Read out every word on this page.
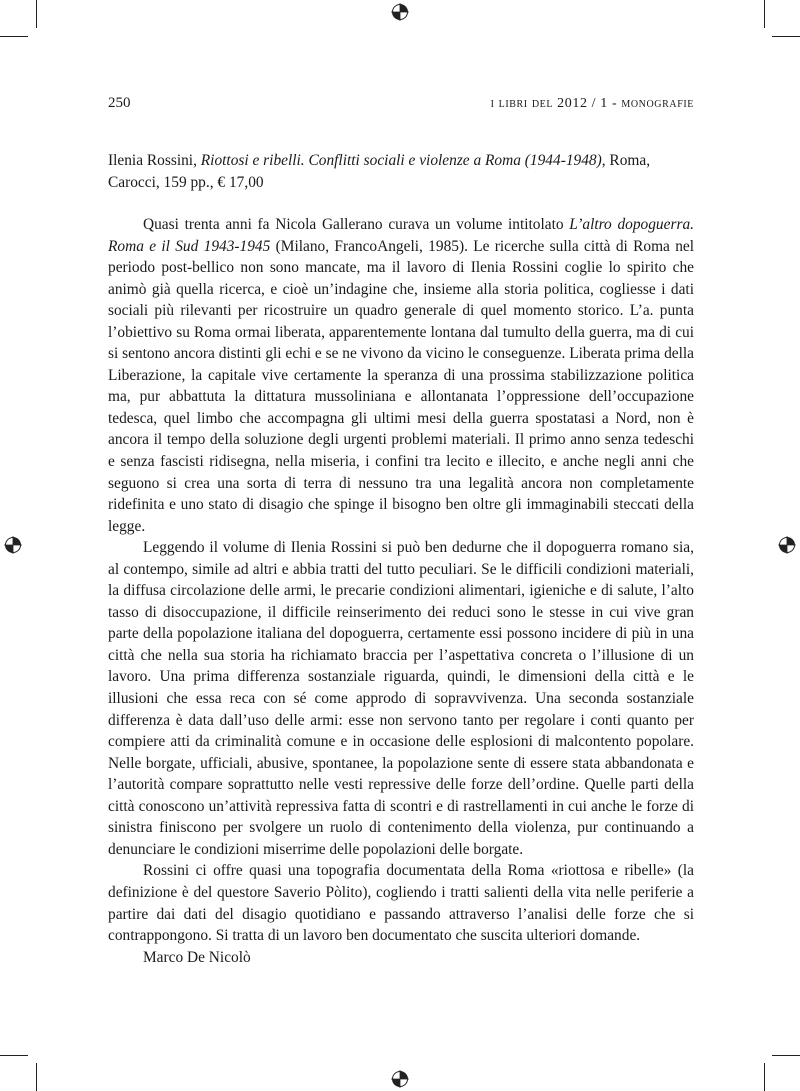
250	i libri del 2012 / 1 - monografie

Ilenia Rossini, Riottosi e ribelli. Conflitti sociali e violenze a Roma (1944-1948), Roma, Carocci, 159 pp., € 17,00

Quasi trenta anni fa Nicola Gallerano curava un volume intitolato L’altro dopoguerra. Roma e il Sud 1943-1945 (Milano, FrancoAngeli, 1985). Le ricerche sulla città di Roma nel periodo post-bellico non sono mancate, ma il lavoro di Ilenia Rossini coglie lo spirito che animò già quella ricerca, e cioè un’indagine che, insieme alla storia politica, cogliesse i dati sociali più rilevanti per ricostruire un quadro generale di quel momento storico. L’a. punta l’obiettivo su Roma ormai liberata, apparentemente lontana dal tumulto della guerra, ma di cui si sentono ancora distinti gli echi e se ne vivono da vicino le conseguenze. Liberata prima della Liberazione, la capitale vive certamente la speranza di una prossima stabilizzazione politica ma, pur abbattuta la dittatura mussoliniana e allontanata l’oppressione dell’occupazione tedesca, quel limbo che accompagna gli ultimi mesi della guerra spostatasi a Nord, non è ancora il tempo della soluzione degli urgenti problemi materiali. Il primo anno senza tedeschi e senza fascisti ridisegna, nella miseria, i confini tra lecito e illecito, e anche negli anni che seguono si crea una sorta di terra di nessuno tra una legalità ancora non completamente ridefinita e uno stato di disagio che spinge il bisogno ben oltre gli immaginabili steccati della legge.

Leggendo il volume di Ilenia Rossini si può ben dedurne che il dopoguerra romano sia, al contempo, simile ad altri e abbia tratti del tutto peculiari. Se le difficili condizioni materiali, la diffusa circolazione delle armi, le precarie condizioni alimentari, igieniche e di salute, l’alto tasso di disoccupazione, il difficile reinserimento dei reduci sono le stesse in cui vive gran parte della popolazione italiana del dopoguerra, certamente essi possono incidere di più in una città che nella sua storia ha richiamato braccia per l’aspettativa concreta o l’illusione di un lavoro. Una prima differenza sostanziale riguarda, quindi, le dimensioni della città e le illusioni che essa reca con sé come approdo di sopravvivenza. Una seconda sostanziale differenza è data dall’uso delle armi: esse non servono tanto per regolare i conti quanto per compiere atti da criminalità comune e in occasione delle esplosioni di malcontento popolare. Nelle borgate, ufficiali, abusive, spontanee, la popolazione sente di essere stata abbandonata e l’autorità compare soprattutto nelle vesti repressive delle forze dell’ordine. Quelle parti della città conoscono un’attività repressiva fatta di scontri e di rastrellamenti in cui anche le forze di sinistra finiscono per svolgere un ruolo di contenimento della violenza, pur continuando a denunciare le condizioni miserrime delle popolazioni delle borgate.

Rossini ci offre quasi una topografia documentata della Roma «riottosa e ribelle» (la definizione è del questore Saverio Pòlito), cogliendo i tratti salienti della vita nelle periferie a partire dai dati del disagio quotidiano e passando attraverso l’analisi delle forze che si contrappongono. Si tratta di un lavoro ben documentato che suscita ulteriori domande.

Marco De Nicolò
